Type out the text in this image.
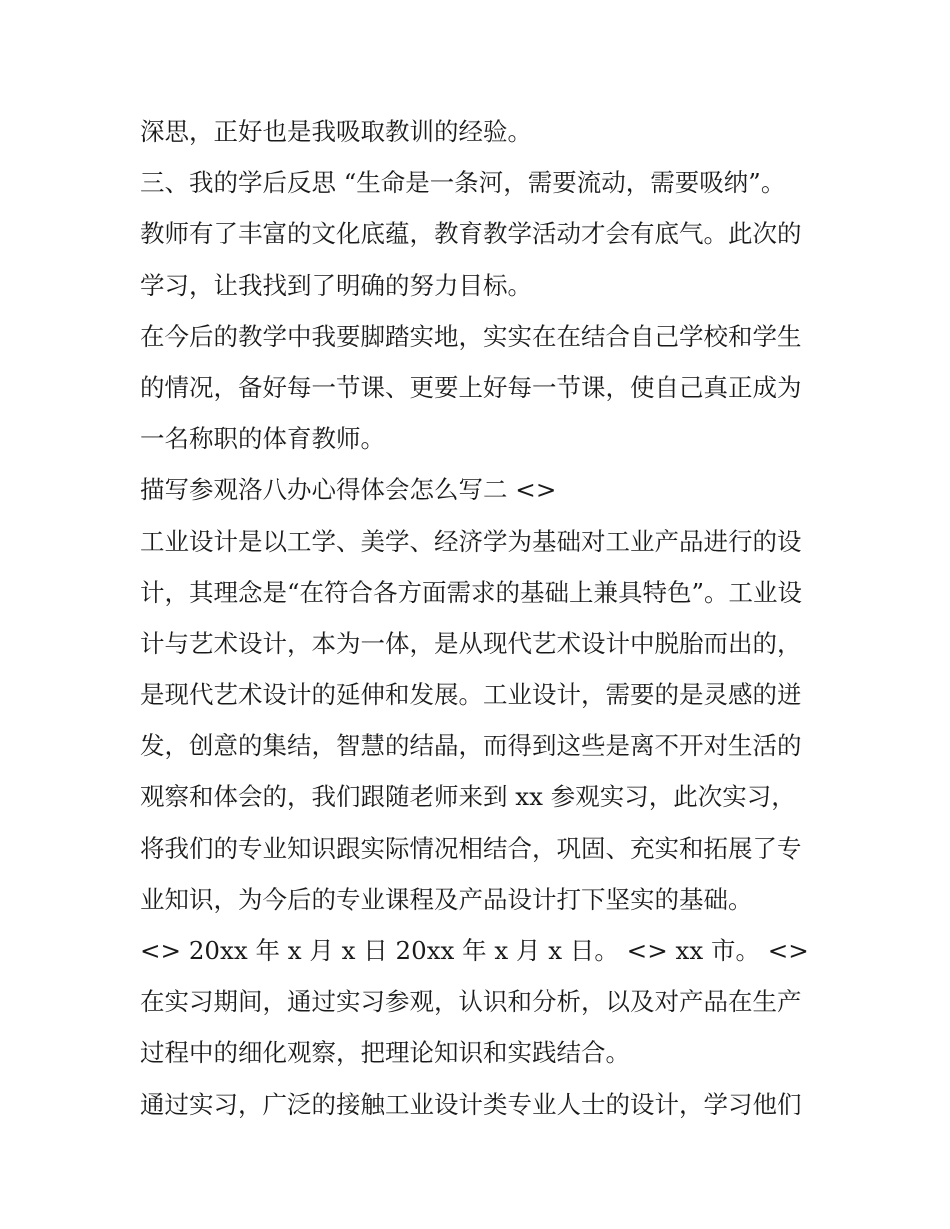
深思，正好也是我吸取教训的经验。
三、我的学后反思 “生命是一条河，需要流动，需要吸纳”。
教师有了丰富的文化底蕴，教育教学活动才会有底气。此次的
学习，让我找到了明确的努力目标。
在今后的教学中我要脚踏实地，实实在在结合自己学校和学生
的情况，备好每一节课、更要上好每一节课，使自己真正成为
一名称职的体育教师。
描写参观洛八办心得体会怎么写二 <>
工业设计是以工学、美学、经济学为基础对工业产品进行的设
计，其理念是“在符合各方面需求的基础上兼具特色”。工业设
计与艺术设计，本为一体，是从现代艺术设计中脱胎而出的，
是现代艺术设计的延伸和发展。工业设计，需要的是灵感的迸
发，创意的集结，智慧的结晶，而得到这些是离不开对生活的
观察和体会的，我们跟随老师来到 xx 参观实习，此次实习，
将我们的专业知识跟实际情况相结合，巩固、充实和拓展了专
业知识，为今后的专业课程及产品设计打下坚实的基础。
<> 20xx 年 x 月 x 日 20xx 年 x 月 x 日。 <> xx 市。 <>
在实习期间，通过实习参观，认识和分析，以及对产品在生产
过程中的细化观察，把理论知识和实践结合。
通过实习，广泛的接触工业设计类专业人士的设计，学习他们
